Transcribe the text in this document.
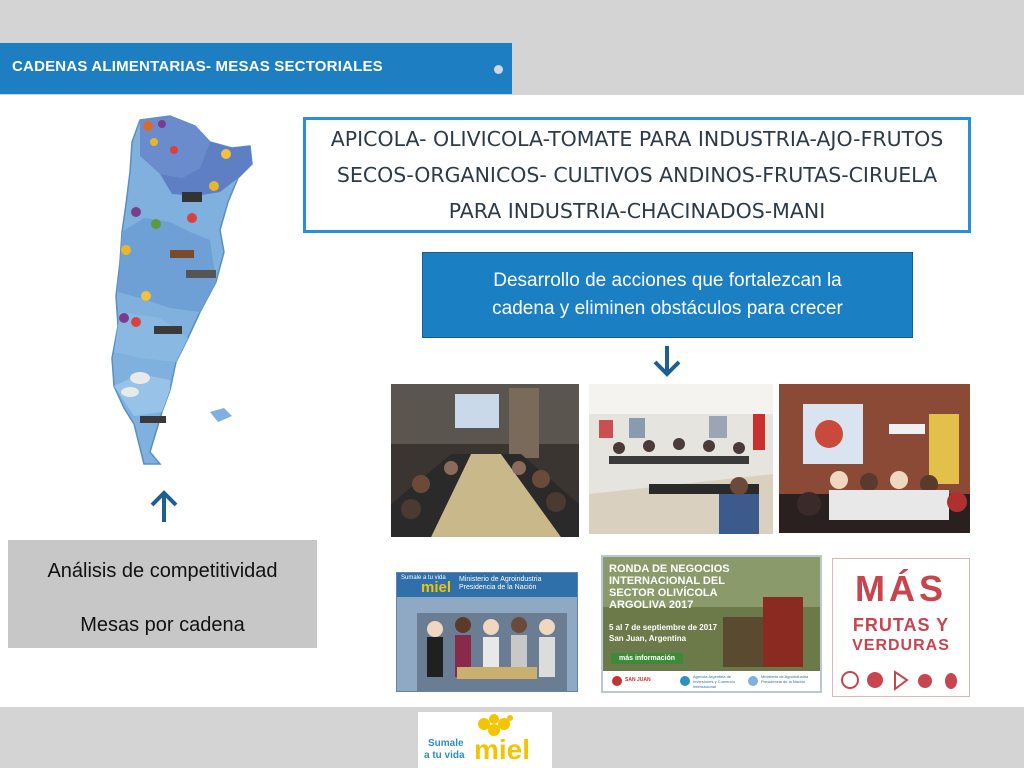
CADENAS ALIMENTARIAS- MESAS SECTORIALES
APICOLA- OLIVICOLA-TOMATE PARA INDUSTRIA-AJO-FRUTOS SECOS-ORGANICOS- CULTIVOS ANDINOS-FRUTAS-CIRUELA PARA INDUSTRIA-CHACINADOS-MANI
Desarrollo de acciones que fortalezcan la
cadena y eliminen obstáculos para crecer
Análisis de competitividad
Mesas por cadena
Sumale a tu vida
miel Ministerio de Agroindustria Presidencia de la Nación
RONDA DE NEGOCIOS INTERNACIONAL DEL SECTOR OLIVÍCOLA ARGOLIVA 2017
5 al 7 de septiembre de 2017
San Juan, Argentina
más información
SAN JUAN
Agencia Argentina de Inversiones y Comercio Internacional
Ministerio de Agroindustria Presidencia de la Nación
MÁS
FRUTAS Y
VERDURAS
Sumale
a tu vida miel
